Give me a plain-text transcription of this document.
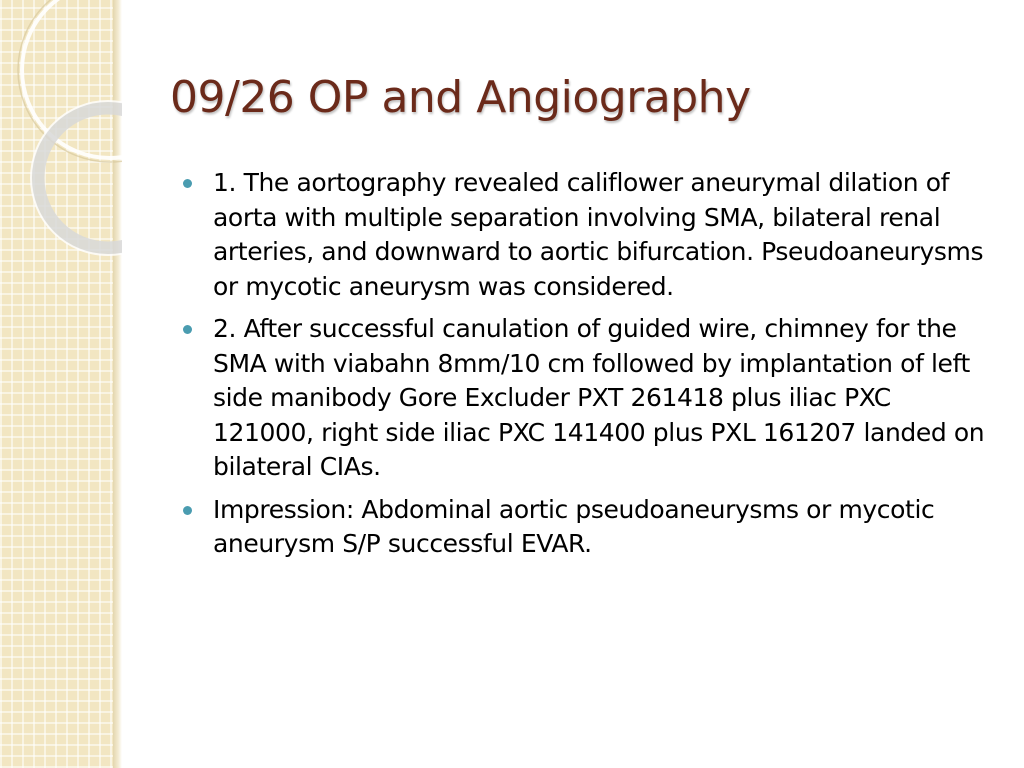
09/26 OP and Angiography
1. The aortography revealed califlower aneurymal dilation of aorta with multiple separation involving SMA, bilateral renal arteries, and downward to aortic bifurcation. Pseudoaneurysms or mycotic aneurysm was considered.
2. After successful canulation of guided wire, chimney for the SMA with viabahn 8mm/10 cm followed by implantation of left side manibody Gore Excluder PXT 261418 plus iliac PXC 121000, right side iliac PXC 141400 plus PXL 161207 landed on  bilateral CIAs.
Impression: Abdominal aortic pseudoaneurysms or mycotic aneurysm S/P successful EVAR.
